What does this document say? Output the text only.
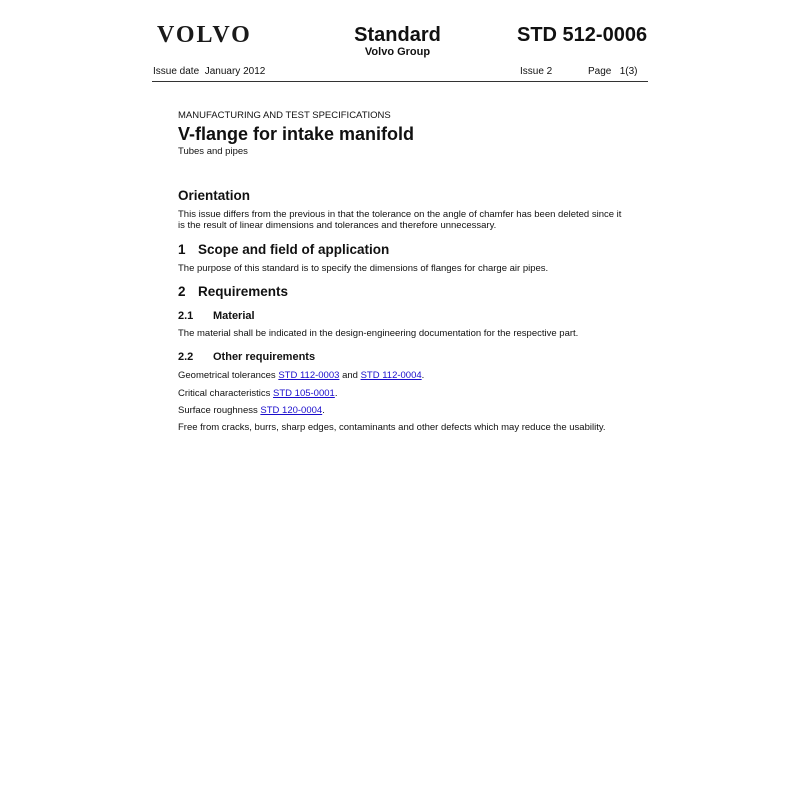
VOLVO	Standard
Volvo Group
STD 512-0006
Issue date January 2012	Issue 2	Page 1(3)
MANUFACTURING AND TEST SPECIFICATIONS
V-flange for intake manifold
Tubes and pipes
Orientation
This issue differs from the previous in that the tolerance on the angle of chamfer has been deleted since it
is the result of linear dimensions and tolerances and therefore unnecessary.
1 Scope and field of application
The purpose of this standard is to specify the dimensions of flanges for charge air pipes.
2 Requirements
2.1 Material
The material shall be indicated in the design-engineering documentation for the respective part.
2.2 Other requirements
Geometrical tolerances STD 112-0003 and STD 112-0004.
Critical characteristics STD 105-0001.
Surface roughness STD 120-0004.
Free from cracks, burrs, sharp edges, contaminants and other defects which may reduce the usability.
